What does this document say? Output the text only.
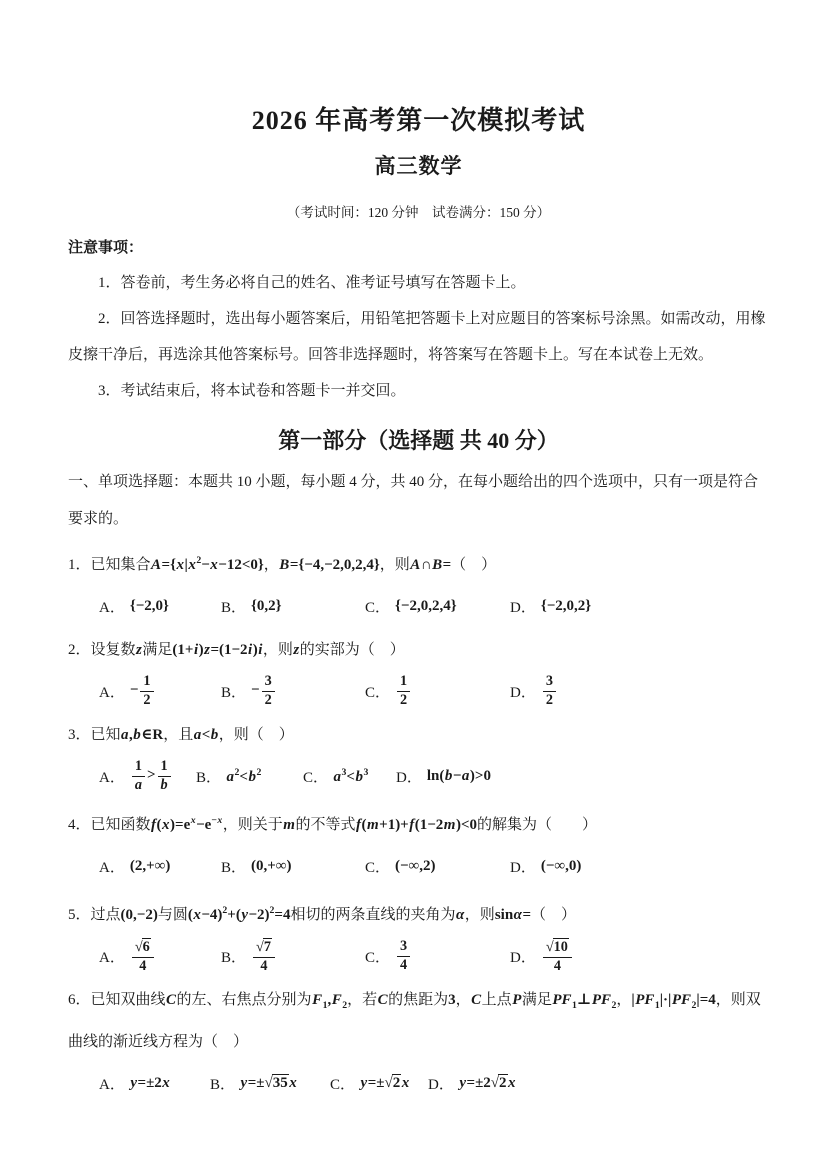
2026 年高考第一次模拟考试
高三数学
（考试时间：120 分钟　试卷满分：150 分）
注意事项：

1．答卷前，考生务必将自己的姓名、准考证号填写在答题卡上。

2．回答选择题时，选出每小题答案后，用铅笔把答题卡上对应题目的答案标号涂黑。如需改动，用橡皮擦干净后，再选涂其他答案标号。回答非选择题时，将答案写在答题卡上。写在本试卷上无效。

3．考试结束后，将本试卷和答题卡一并交回。

第一部分（选择题 共 40 分）

一、单项选择题：本题共 10 小题，每小题 4 分，共 40 分，在每小题给出的四个选项中，只有一项是符合要求的。

1．已知集合$A=\{x|x^2-x-12<0\}$，B={−4,−2,0,2,4}，则A∩B=（　）

A． {−2,0}	B． {0,2}	C． {−2,0,2,4}	D． {−2,0,2}

2．设复数z满足(1+i)z=(1−2i)i，则z的实部为（　）

A． − $\frac{1}{2}$	B． − $\frac{3}{2}$	C． $\frac{1}{2}$	D． $\frac{3}{2}$

3．已知a,b∈R，且a<b，则（　）

A． $\frac{1}{a} > \frac{1}{b}$ B． $a^2<b^2$	C． $a^3<b^3$ D． ln(b−a)>0

4．已知函数$f(x)=e^x-e^{-x}$，则关于m的不等式f(m+1)+f(1−2m)<0的解集为（　　）

A． (2,+∞)	B． (0,+∞)	C． (−∞,2)	D． (−∞,0)

5．过点(0,−2)与圆$(x-4)^2+(y-2)^2=4$相切的两条直线的夹角为α，则sinα=（　）

A． √ $\frac{6}{4}$	B． √ $\frac{7}{4}$	C． $\frac{3}{4}$	D． √ $\frac{10}{4}$

6．已知双曲线C的左、右焦点分别为$F_1,F_2$，若C的焦距为3，C上点P满足$PF_1\perp PF_2$，$|PF_1|\cdot|PF_2|=4$，则双曲线的渐近线方程为（　）

A． y=±2x	B． y=± √ 35 x C． y=± √ 2 x D． y=±2 √ 2 x
